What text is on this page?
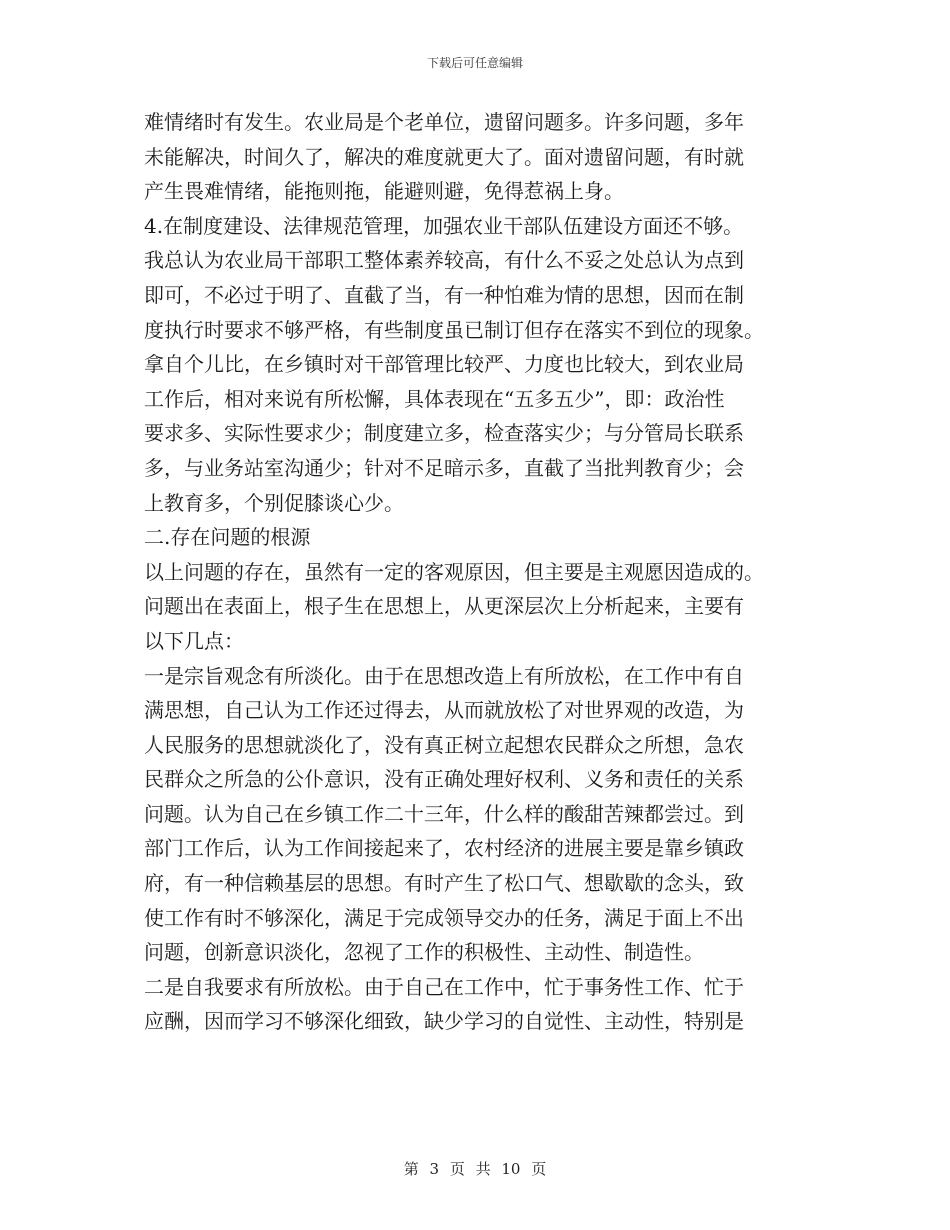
下载后可任意编辑
难情绪时有发生。农业局是个老单位，遗留问题多。许多问题，多年
未能解决，时间久了，解决的难度就更大了。面对遗留问题，有时就
产生畏难情绪，能拖则拖，能避则避，免得惹祸上身。
4.在制度建设、法律规范管理，加强农业干部队伍建设方面还不够。
我总认为农业局干部职工整体素养较高，有什么不妥之处总认为点到
即可，不必过于明了、直截了当，有一种怕难为情的思想，因而在制
度执行时要求不够严格，有些制度虽已制订但存在落实不到位的现象。
拿自个儿比，在乡镇时对干部管理比较严、力度也比较大，到农业局
工作后，相对来说有所松懈，具体表现在“五多五少”，即：政治性
要求多、实际性要求少；制度建立多，检查落实少；与分管局长联系
多，与业务站室沟通少；针对不足暗示多，直截了当批判教育少；会
上教育多，个别促膝谈心少。
二.存在问题的根源
以上问题的存在，虽然有一定的客观原因，但主要是主观愿因造成的。
问题出在表面上，根子生在思想上，从更深层次上分析起来，主要有
以下几点：
一是宗旨观念有所淡化。由于在思想改造上有所放松，在工作中有自
满思想，自己认为工作还过得去，从而就放松了对世界观的改造，为
人民服务的思想就淡化了，没有真正树立起想农民群众之所想，急农
民群众之所急的公仆意识，没有正确处理好权利、义务和责任的关系
问题。认为自己在乡镇工作二十三年，什么样的酸甜苦辣都尝过。到
部门工作后，认为工作间接起来了，农村经济的进展主要是靠乡镇政
府，有一种信赖基层的思想。有时产生了松口气、想歇歇的念头，致
使工作有时不够深化，满足于完成领导交办的任务，满足于面上不出
问题，创新意识淡化，忽视了工作的积极性、主动性、制造性。
二是自我要求有所放松。由于自己在工作中，忙于事务性工作、忙于
应酬，因而学习不够深化细致，缺少学习的自觉性、主动性，特别是
第 3 页 共 10 页
